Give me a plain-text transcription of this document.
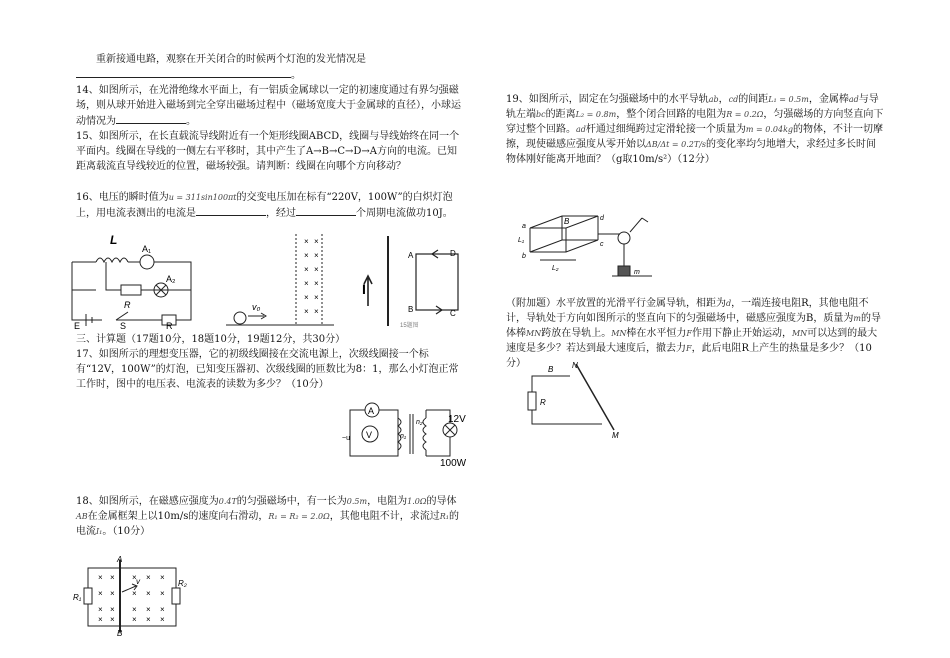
重新接通电路，观察在开关闭合的时候两个灯泡的发光情况是

。

14、如图所示，在光滑绝缘水平面上，有一铝质金属球以一定的初速度通过有界匀强磁场，则从球开始进入磁场到完全穿出磁场过程中（磁场宽度大于金属球的直径），小球运动情况为	。

15、如图所示，在长直载流导线附近有一个矩形线圈ABCD，线圈与导线始终在同一个平面内。线圈在导线的一侧左右平移时，其中产生了A→B→C→D→A方向的电流。已知距离载流直导线较近的位置，磁场较强。请判断：线圈在向哪个方向移动？

16、电压的瞬时值为u = 311sin100πt的交变电压加在标有“220V，100W”的白炽灯泡上，用电流表测出的电流是	，经过	个周期电流做功10J。

三、计算题（17题10分，18题10分，19题12分，共30分）

17、如图所示的理想变压器，它的初级线圈接在交流电源上，次级线圈接一个标有“12V，100W”的灯泡，已知变压器初、次级线圈的匝数比为8：1，那么小灯泡正常工作时，图中的电压表、电流表的读数为多少？（10分）

18、如图所示，在磁感应强度为0.4T的匀强磁场中，有一长为0.5m，电阻为1.0Ω的导体AB在金属框架上以10m/s的速度向右滑动，R₁ = R₂ = 2.0Ω，其他电阻不计，求流过R₁的电流I₁。（10分）

19、如图所示，固定在匀强磁场中的水平导轨ab，cd的间距L₁ = 0.5m，金属棒ad与导轨左端bc的距离L₂ = 0.8m，整个闭合回路的电阻为R = 0.2Ω，匀强磁场的方向竖直向下穿过整个回路。ad杆通过细绳跨过定滑轮接一个质量为m = 0.04kg的物体，不计一切摩擦，现使磁感应强度从零开始以ΔB/Δt = 0.2T/s的变化率均匀地增大，求经过多长时间物体刚好能离开地面？（g取10m/s²）（12分）

（附加题）水平放置的光滑平行金属导轨，相距为d，一端连接电阻R，其他电阻不计，导轨处于方向如图所示的竖直向下的匀强磁场中，磁感应强度为B，质量为m的导体棒MN跨放在导轨上。MN棒在水平恒力F作用下静止开始运动，MN可以达到的最大速度是多少？若达到最大速度后，撤去力F，此后电阻R上产生的热量是多少？（10分）

L
A₁
A₂
R
E	S	R
v₀
×
×
×
×
×
×
×
×
×
×
×
×
I
A
B	C
D
15题图
A
V
~u	n₁
n₂	12V
100W
A
B
R₁
R₂
v
×
×
×
×
×
×
×
×
×
×
×
×
×
×
×
×
×
×
×
×
B
a
b
c
d
L₁
L₂
m
B N
M
R
